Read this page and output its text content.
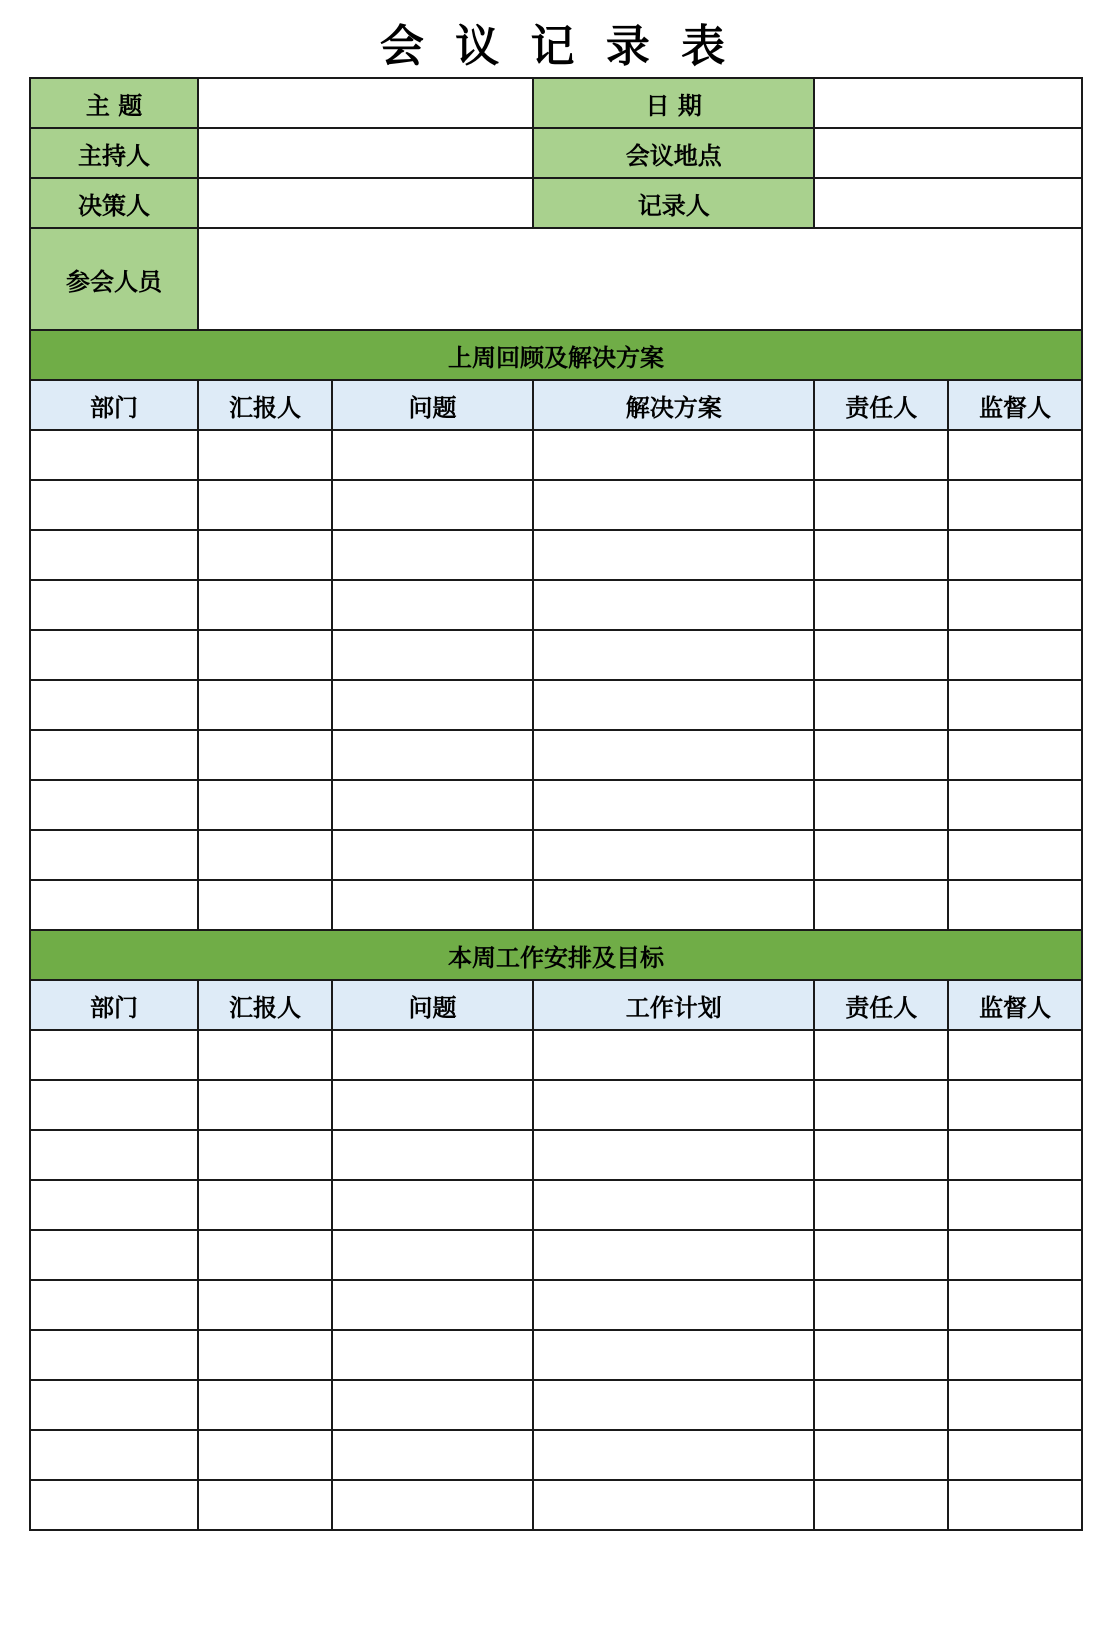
会 议 记 录 表
主 题			日 期		
主持人			会议地点		
决策人			记录人		
参会人员					
上周回顾及解决方案					
部门	汇报人	问题	解决方案	责任人	监督人

本周工作安排及目标					
部门	汇报人	问题	工作计划	责任人	监督人
